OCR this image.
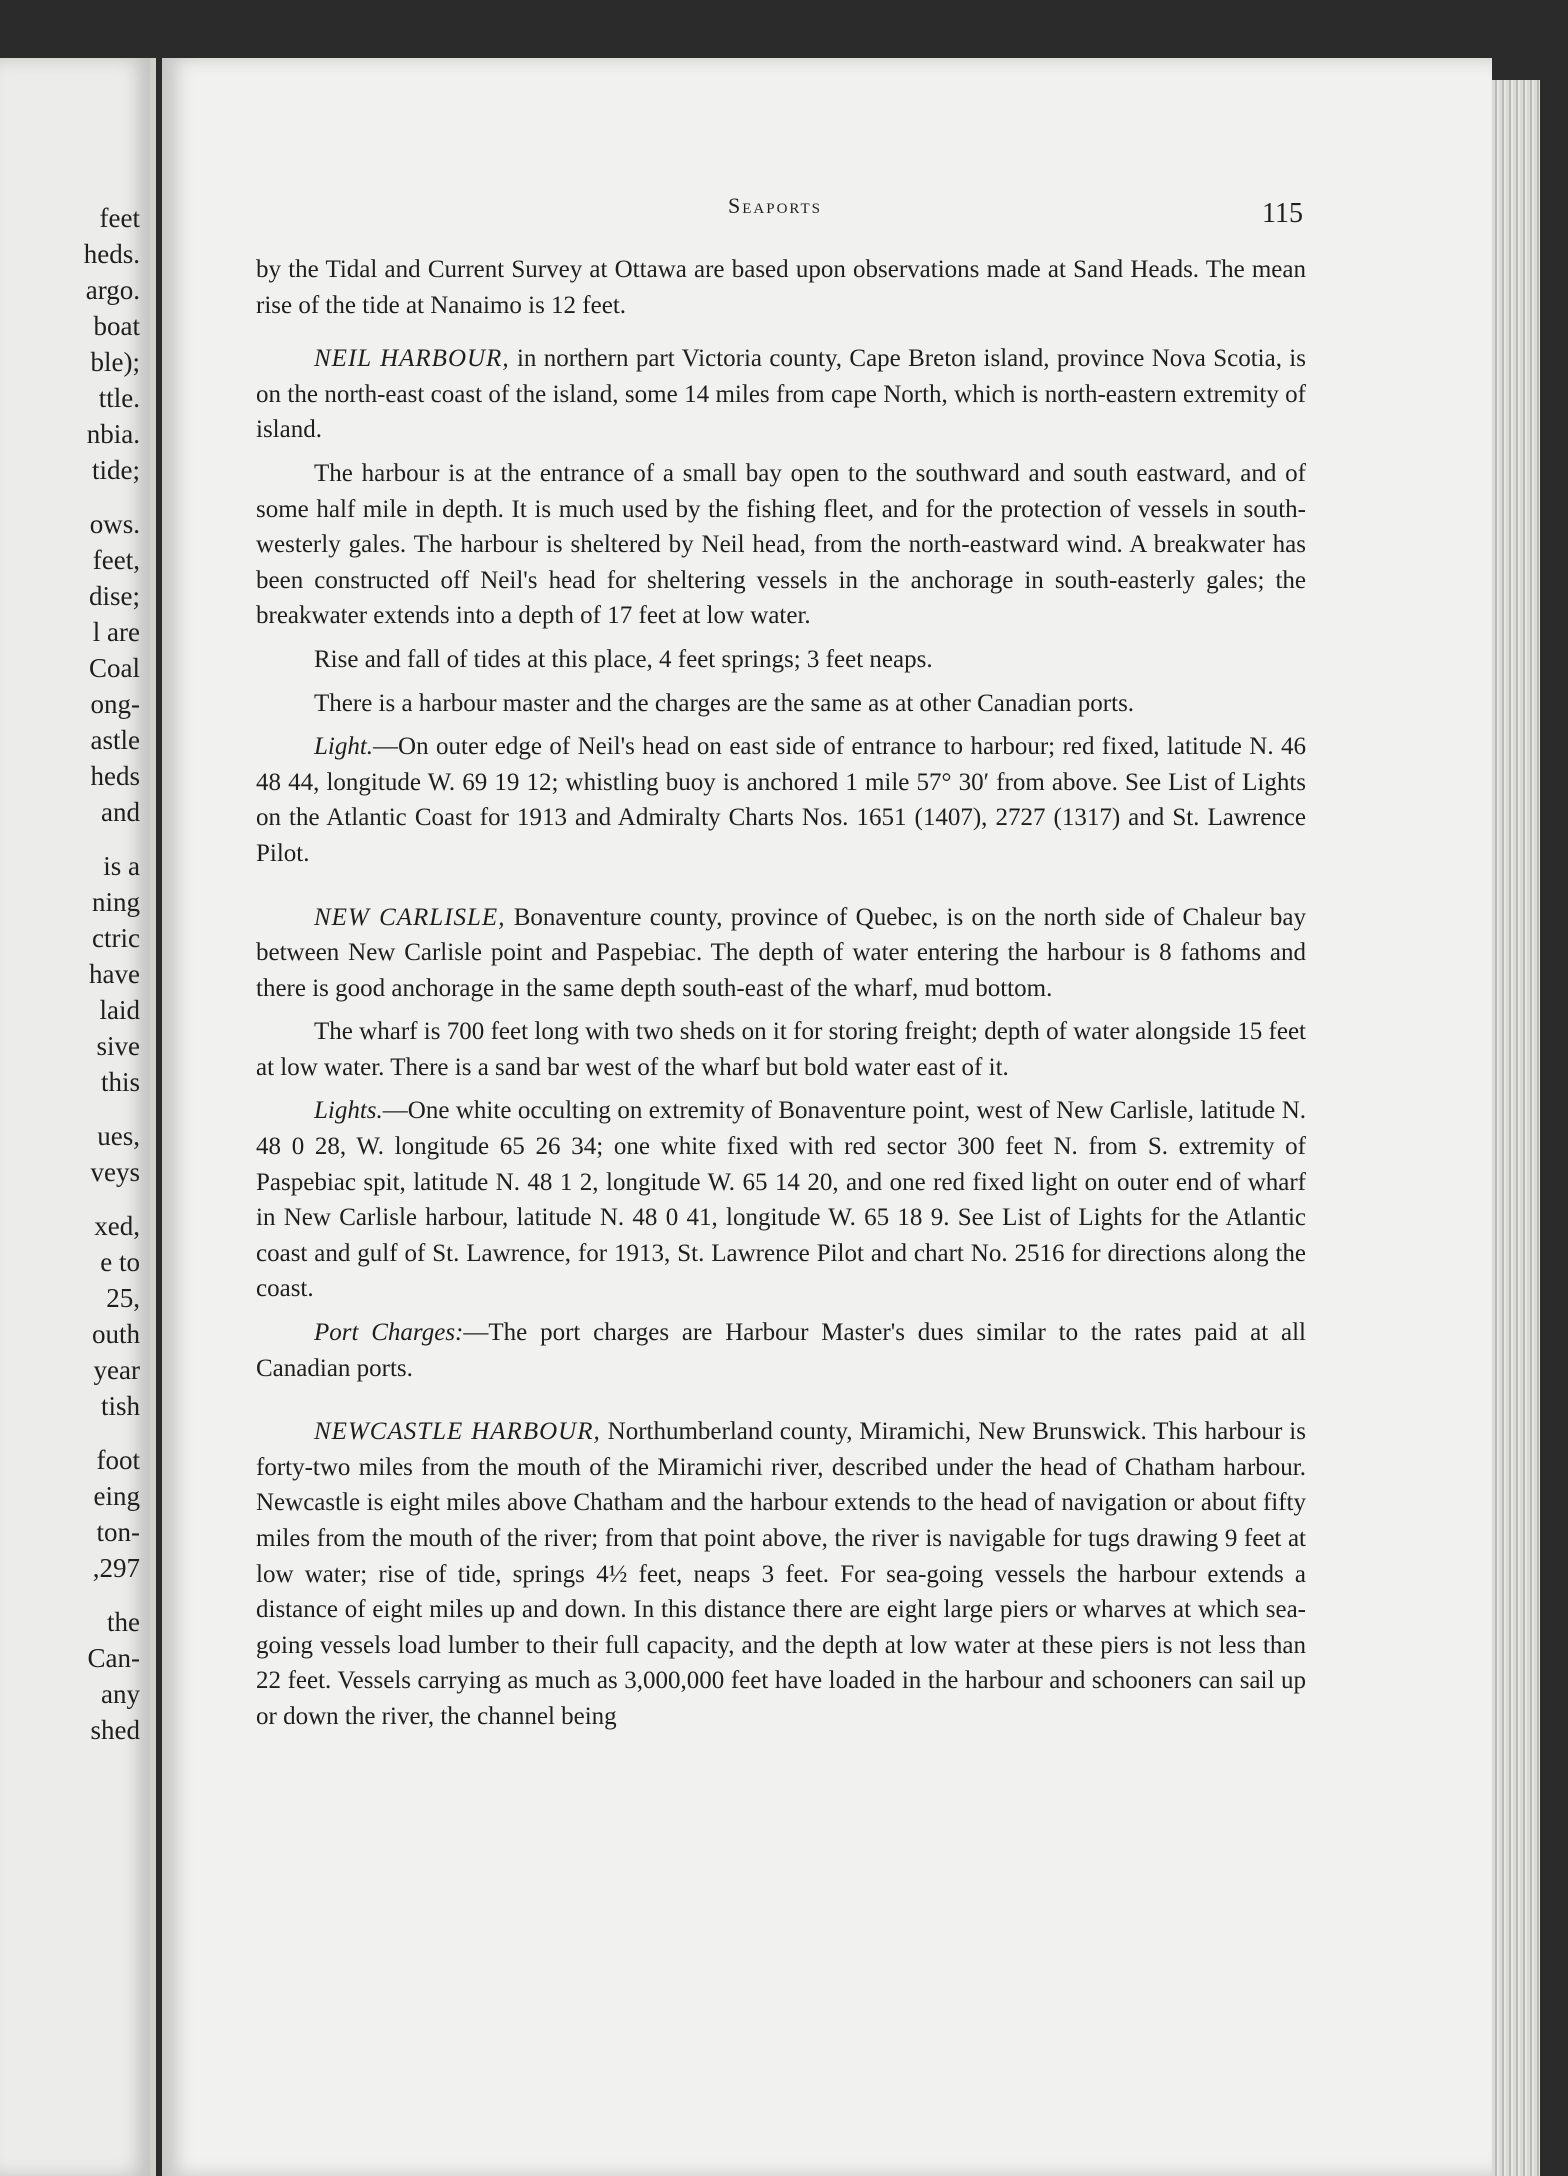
feet
heds.
argo.
boat
ble);
ttle.
nbia.
tide;
ows.
feet,
dise;
l are
Coal
ong-
astle
heds
and
is a
ning
ctric
have
laid
sive
this
ues,
veys
xed,
e to
25,
outh
year
tish
foot
eing
ton-
,297
the
Can-
any
shed
Seaports	115

by the Tidal and Current Survey at Ottawa are based upon observations made at Sand Heads. The mean rise of the tide at Nanaimo is 12 feet.

NEIL HARBOUR, in northern part Victoria county, Cape Breton island, province Nova Scotia, is on the north-east coast of the island, some 14 miles from cape North, which is north-eastern extremity of island.

The harbour is at the entrance of a small bay open to the southward and south eastward, and of some half mile in depth. It is much used by the fishing fleet, and for the protection of vessels in south-westerly gales. The harbour is sheltered by Neil head, from the north-eastward wind. A breakwater has been constructed off Neil's head for sheltering vessels in the anchorage in south-easterly gales; the breakwater extends into a depth of 17 feet at low water.

Rise and fall of tides at this place, 4 feet springs; 3 feet neaps.

There is a harbour master and the charges are the same as at other Canadian ports.

Light.—On outer edge of Neil's head on east side of entrance to harbour; red fixed, latitude N. 46 48 44, longitude W. 69 19 12; whistling buoy is anchored 1 mile 57° 30′ from above. See List of Lights on the Atlantic Coast for 1913 and Admiralty Charts Nos. 1651 (1407), 2727 (1317) and St. Lawrence Pilot.

NEW CARLISLE, Bonaventure county, province of Quebec, is on the north side of Chaleur bay between New Carlisle point and Paspebiac. The depth of water entering the harbour is 8 fathoms and there is good anchorage in the same depth south-east of the wharf, mud bottom.

The wharf is 700 feet long with two sheds on it for storing freight; depth of water alongside 15 feet at low water. There is a sand bar west of the wharf but bold water east of it.

Lights.—One white occulting on extremity of Bonaventure point, west of New Carlisle, latitude N. 48 0 28, W. longitude 65 26 34; one white fixed with red sector 300 feet N. from S. extremity of Paspebiac spit, latitude N. 48 1 2, longitude W. 65 14 20, and one red fixed light on outer end of wharf in New Carlisle harbour, latitude N. 48 0 41, longitude W. 65 18 9. See List of Lights for the Atlantic coast and gulf of St. Lawrence, for 1913, St. Lawrence Pilot and chart No. 2516 for directions along the coast.

Port Charges:—The port charges are Harbour Master's dues similar to the rates paid at all Canadian ports.

NEWCASTLE HARBOUR, Northumberland county, Miramichi, New Brunswick. This harbour is forty-two miles from the mouth of the Miramichi river, described under the head of Chatham harbour. Newcastle is eight miles above Chatham and the harbour extends to the head of navigation or about fifty miles from the mouth of the river; from that point above, the river is navigable for tugs drawing 9 feet at low water; rise of tide, springs 4½ feet, neaps 3 feet. For sea-going vessels the harbour extends a distance of eight miles up and down. In this distance there are eight large piers or wharves at which sea-going vessels load lumber to their full capacity, and the depth at low water at these piers is not less than 22 feet. Vessels carrying as much as 3,000,000 feet have loaded in the harbour and schooners can sail up or down the river, the channel being
